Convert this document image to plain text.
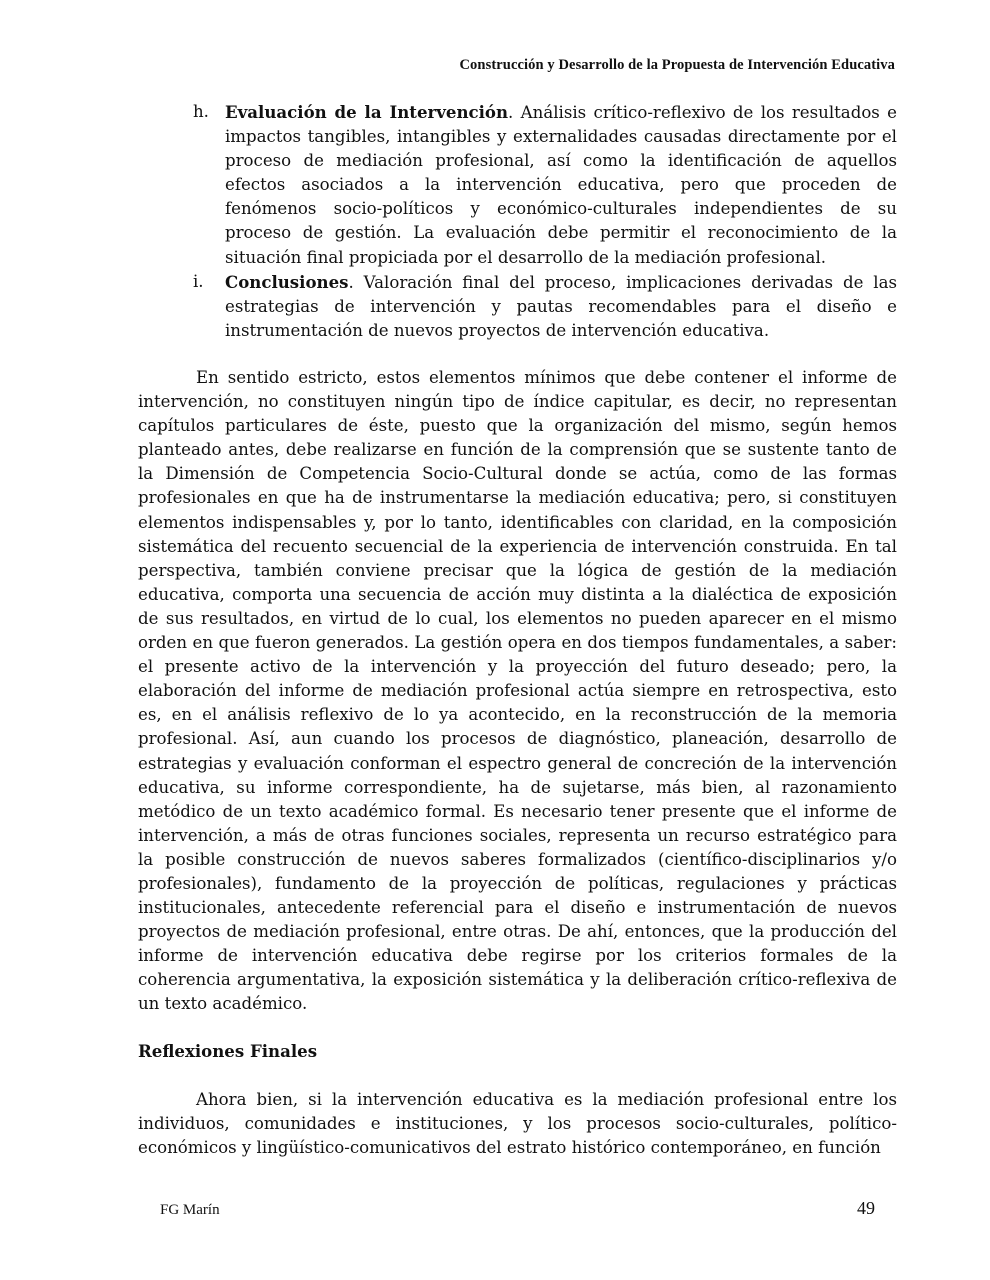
Construcción y Desarrollo de la Propuesta de Intervención Educativa
h. Evaluación de la Intervención. Análisis crítico-reflexivo de los resultados e impactos tangibles, intangibles y externalidades causadas directamente por el proceso de mediación profesional, así como la identificación de aquellos efectos asociados a la intervención educativa, pero que proceden de fenómenos socio-políticos y económico-culturales independientes de su proceso de gestión. La evaluación debe permitir el reconocimiento de la situación final propiciada por el desarrollo de la mediación profesional.
i. Conclusiones. Valoración final del proceso, implicaciones derivadas de las estrategias de intervención y pautas recomendables para el diseño e instrumentación de nuevos proyectos de intervención educativa.

En sentido estricto, estos elementos mínimos que debe contener el informe de intervención, no constituyen ningún tipo de índice capitular, es decir, no representan capítulos particulares de éste, puesto que la organización del mismo, según hemos planteado antes, debe realizarse en función de la comprensión que se sustente tanto de la Dimensión de Competencia Socio-Cultural donde se actúa, como de las formas profesionales en que ha de instrumentarse la mediación educativa; pero, si constituyen elementos indispensables y, por lo tanto, identificables con claridad, en la composición sistemática del recuento secuencial de la experiencia de intervención construida. En tal perspectiva, también conviene precisar que la lógica de gestión de la mediación educativa, comporta una secuencia de acción muy distinta a la dialéctica de exposición de sus resultados, en virtud de lo cual, los elementos no pueden aparecer en el mismo orden en que fueron generados. La gestión opera en dos tiempos fundamentales, a saber: el presente activo de la intervención y la proyección del futuro deseado; pero, la elaboración del informe de mediación profesional actúa siempre en retrospectiva, esto es, en el análisis reflexivo de lo ya acontecido, en la reconstrucción de la memoria profesional. Así, aun cuando los procesos de diagnóstico, planeación, desarrollo de estrategias y evaluación conforman el espectro general de concreción de la intervención educativa, su informe correspondiente, ha de sujetarse, más bien, al razonamiento metódico de un texto académico formal. Es necesario tener presente que el informe de intervención, a más de otras funciones sociales, representa un recurso estratégico para la posible construcción de nuevos saberes formalizados (científico-disciplinarios y/o profesionales), fundamento de la proyección de políticas, regulaciones y prácticas institucionales, antecedente referencial para el diseño e instrumentación de nuevos proyectos de mediación profesional, entre otras. De ahí, entonces, que la producción del informe de intervención educativa debe regirse por los criterios formales de la coherencia argumentativa, la exposición sistemática y la deliberación crítico-reflexiva de un texto académico.

Reflexiones Finales

Ahora bien, si la intervención educativa es la mediación profesional entre los individuos, comunidades e instituciones, y los procesos socio-culturales, político-económicos y lingüístico-comunicativos del estrato histórico contemporáneo, en función

FG Marín	49
